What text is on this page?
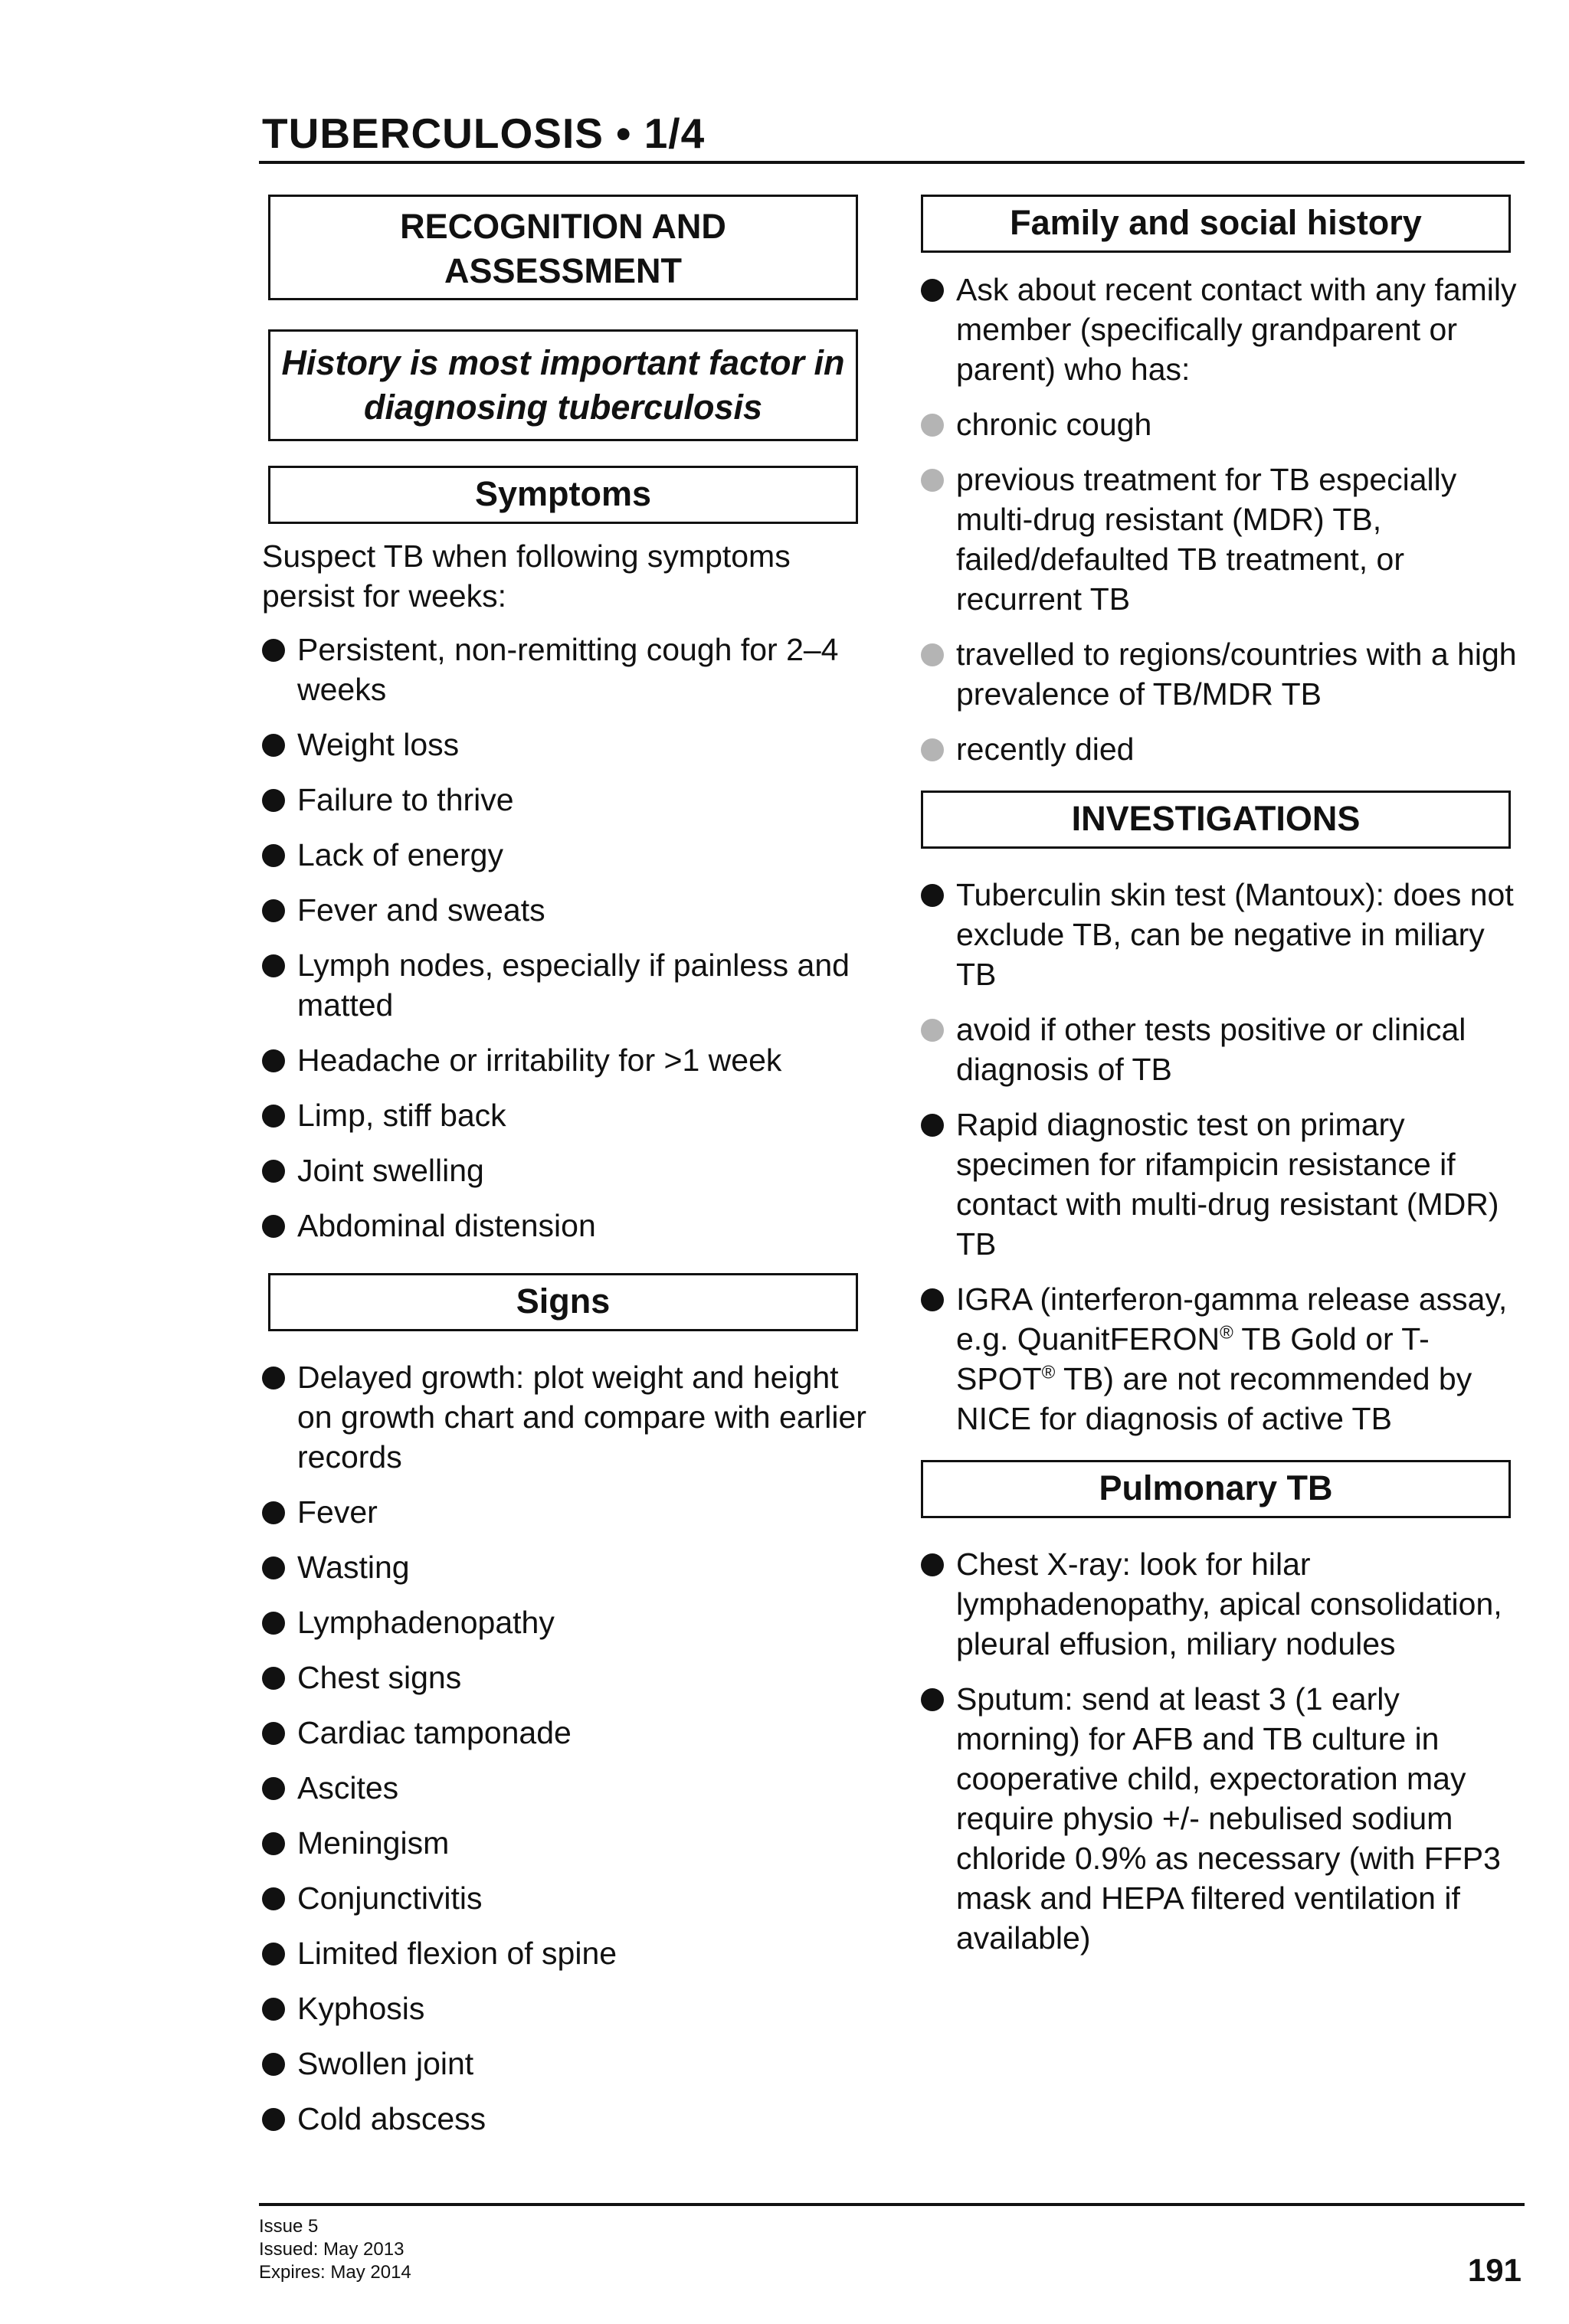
TUBERCULOSIS • 1/4
RECOGNITION AND ASSESSMENT
History is most important factor in diagnosing tuberculosis
Symptoms
Suspect TB when following symptoms persist for weeks:
Persistent, non-remitting cough for 2–4 weeks
Weight loss
Failure to thrive
Lack of energy
Fever and sweats
Lymph nodes, especially if painless and matted
Headache or irritability for >1 week
Limp, stiff back
Joint swelling
Abdominal distension
Signs
Delayed growth: plot weight and height on growth chart and compare with earlier records
Fever
Wasting
Lymphadenopathy
Chest signs
Cardiac tamponade
Ascites
Meningism
Conjunctivitis
Limited flexion of spine
Kyphosis
Swollen joint
Cold abscess
Family and social history
Ask about recent contact with any family member (specifically grandparent or parent) who has:
chronic cough
previous treatment for TB especially multi-drug resistant (MDR) TB, failed/defaulted TB treatment, or recurrent TB
travelled to regions/countries with a high prevalence of TB/MDR TB
recently died
INVESTIGATIONS
Tuberculin skin test (Mantoux): does not exclude TB, can be negative in miliary TB
avoid if other tests positive or clinical diagnosis of TB
Rapid diagnostic test on primary specimen for rifampicin resistance if contact with multi-drug resistant (MDR) TB
IGRA (interferon-gamma release assay, e.g. QuanitFERON® TB Gold or T-SPOT® TB) are not recommended by NICE for diagnosis of active TB
Pulmonary TB
Chest X-ray: look for hilar lymphadenopathy, apical consolidation, pleural effusion, miliary nodules
Sputum: send at least 3 (1 early morning) for AFB and TB culture in cooperative child, expectoration may require physio +/- nebulised sodium chloride 0.9% as necessary (with FFP3 mask and HEPA filtered ventilation if available)
Issue 5
Issued: May 2013
Expires: May 2014	191
